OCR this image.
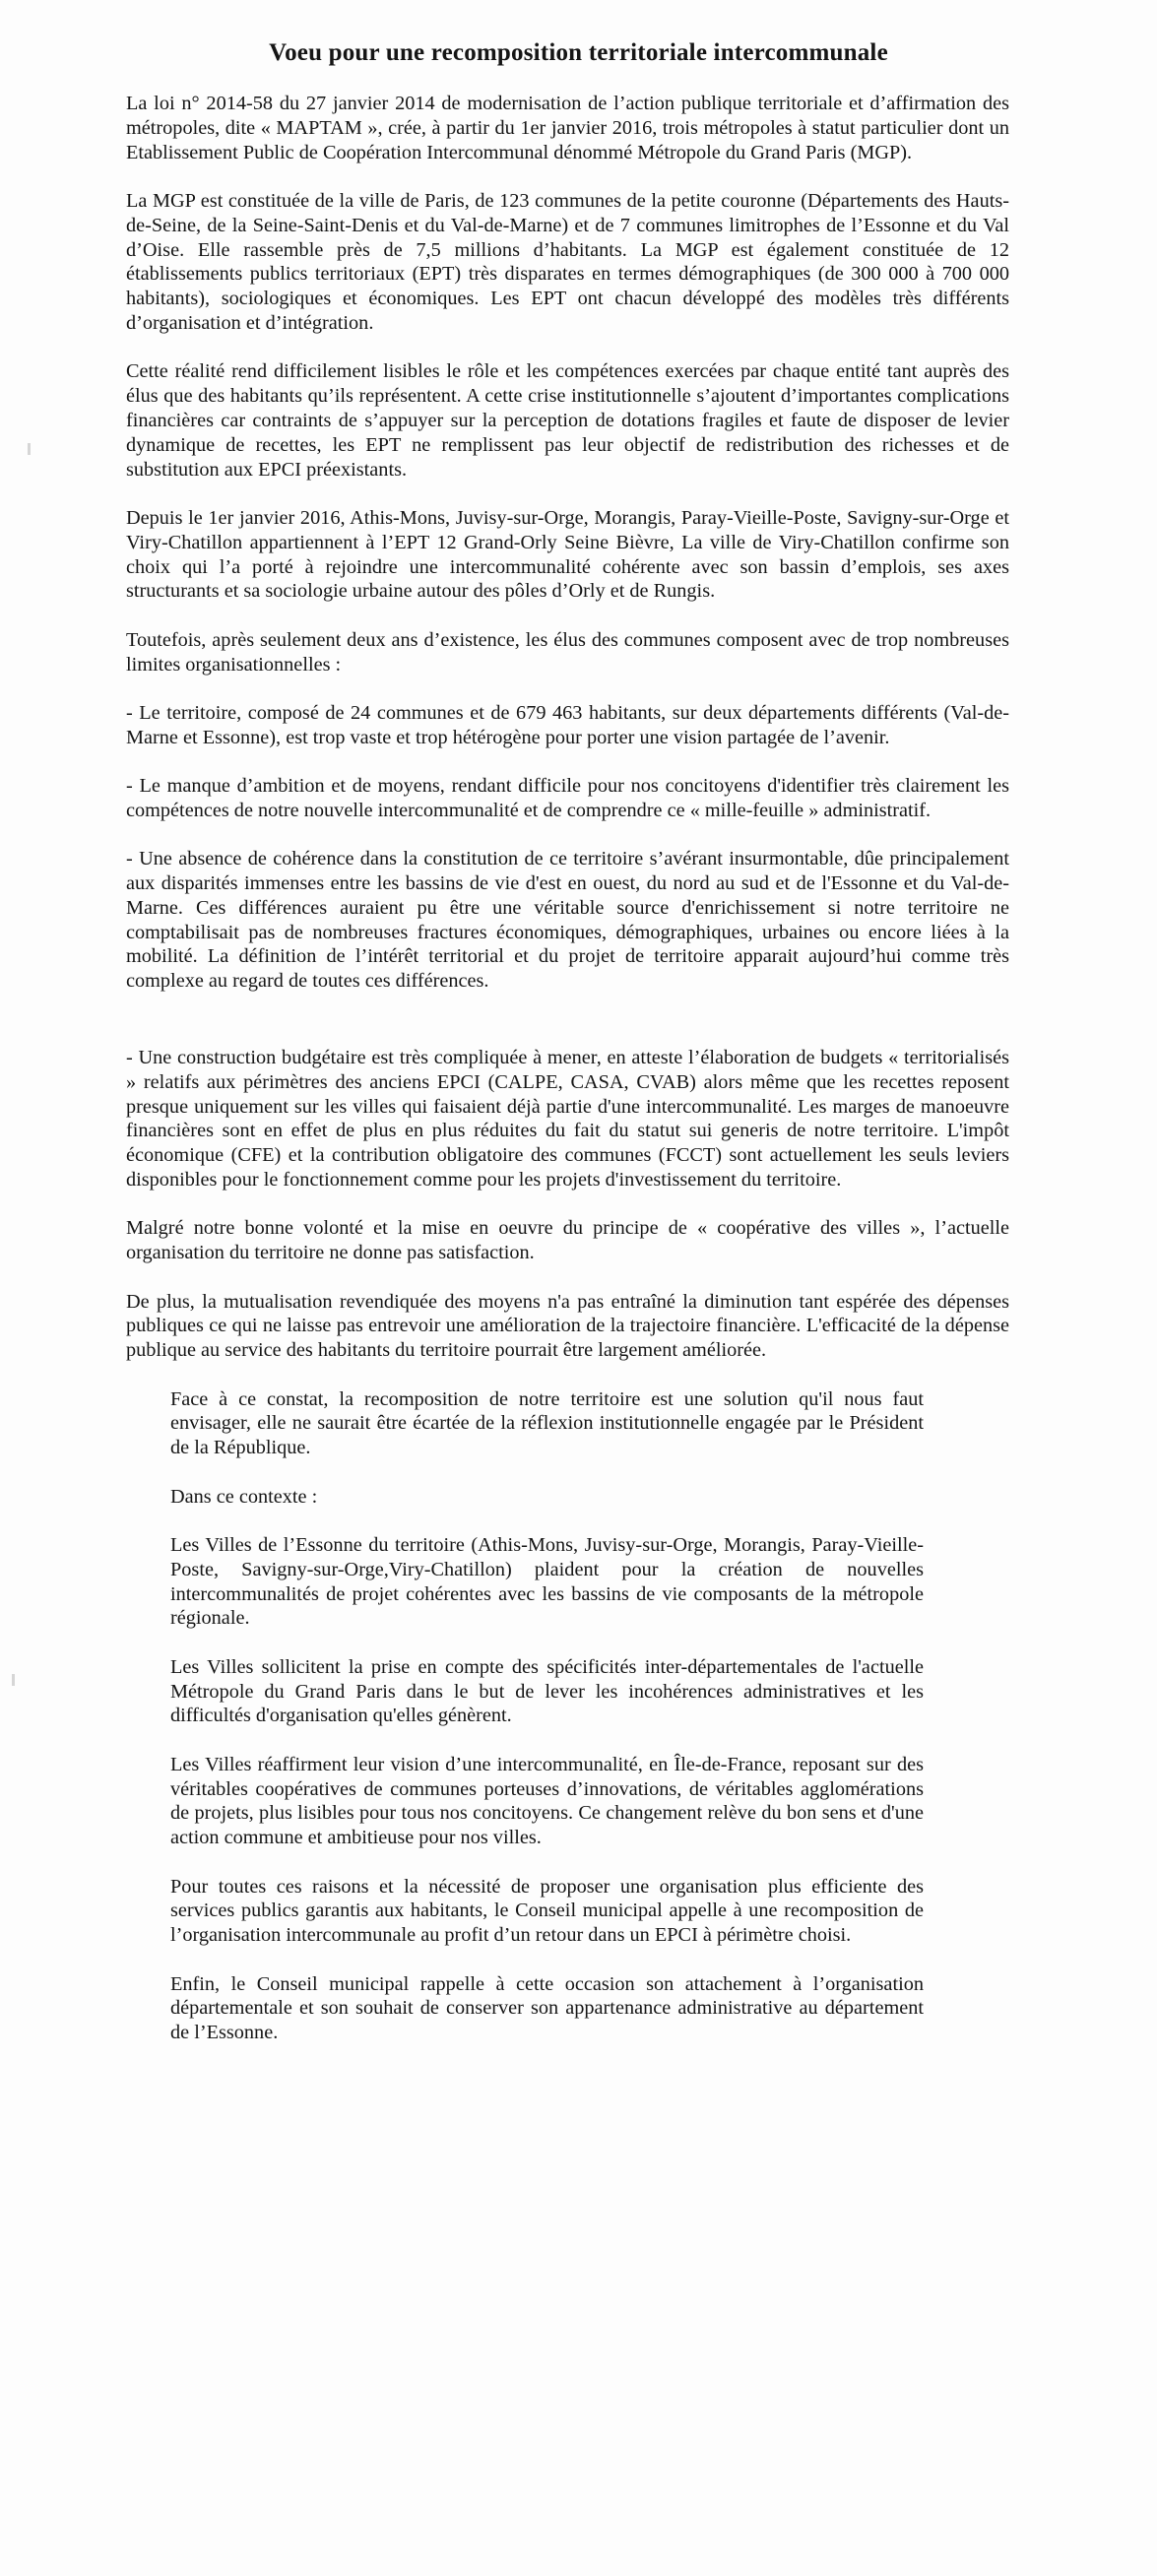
Voeu pour une recomposition territoriale intercommunale

La loi n° 2014-58 du 27 janvier 2014 de modernisation de l’action publique territoriale et d’affirmation des métropoles, dite « MAPTAM », crée, à partir du 1er janvier 2016, trois métropoles à statut particulier dont un Etablissement Public de Coopération Intercommunal dénommé Métropole du Grand Paris (MGP).

La MGP est constituée de la ville de Paris, de 123 communes de la petite couronne (Départements des Hauts-de-Seine, de la Seine-Saint-Denis et du Val-de-Marne) et de 7 communes limitrophes de l’Essonne et du Val d’Oise. Elle rassemble près de 7,5 millions d’habitants. La MGP est également constituée de 12 établissements publics territoriaux (EPT) très disparates en termes démographiques (de 300 000 à 700 000 habitants), sociologiques et économiques. Les EPT ont chacun développé des modèles très différents d’organisation et d’intégration.

Cette réalité rend difficilement lisibles le rôle et les compétences exercées par chaque entité tant auprès des élus que des habitants qu’ils représentent. A cette crise institutionnelle s’ajoutent d’importantes complications financières car contraints de s’appuyer sur la perception de dotations fragiles et faute de disposer de levier dynamique de recettes, les EPT ne remplissent pas leur objectif de redistribution des richesses et de substitution aux EPCI préexistants.

Depuis le 1er janvier 2016, Athis-Mons, Juvisy-sur-Orge, Morangis, Paray-Vieille-Poste, Savigny-sur-Orge et Viry-Chatillon appartiennent à l’EPT 12 Grand-Orly Seine Bièvre, La ville de Viry-Chatillon confirme son choix qui l’a porté à rejoindre une intercommunalité cohérente avec son bassin d’emplois, ses axes structurants et sa sociologie urbaine autour des pôles d’Orly et de Rungis.

Toutefois, après seulement deux ans d’existence, les élus des communes composent avec de trop nombreuses limites organisationnelles :

- Le territoire, composé de 24 communes et de 679 463 habitants, sur deux départements différents (Val-de-Marne et Essonne), est trop vaste et trop hétérogène pour porter une vision partagée de l’avenir.

- Le manque d’ambition et de moyens, rendant difficile pour nos concitoyens d'identifier très clairement les compétences de notre nouvelle intercommunalité et de comprendre ce « mille-feuille » administratif.

- Une absence de cohérence dans la constitution de ce territoire s’avérant insurmontable, dûe principalement aux disparités immenses entre les bassins de vie d'est en ouest, du nord au sud et de l'Essonne et du Val-de-Marne. Ces différences auraient pu être une véritable source d'enrichissement si notre territoire ne comptabilisait pas de nombreuses fractures économiques, démographiques, urbaines ou encore liées à la mobilité. La définition de l’intérêt territorial et du projet de territoire apparait aujourd’hui comme très complexe au regard de toutes ces différences.

- Une construction budgétaire est très compliquée à mener, en atteste l’élaboration de budgets « territorialisés » relatifs aux périmètres des anciens EPCI (CALPE, CASA, CVAB) alors même que les recettes reposent presque uniquement sur les villes qui faisaient déjà partie d'une intercommunalité. Les marges de manoeuvre financières sont en effet de plus en plus réduites du fait du statut sui generis de notre territoire. L'impôt économique (CFE) et la contribution obligatoire des communes (FCCT) sont actuellement les seuls leviers disponibles pour le fonctionnement comme pour les projets d'investissement du territoire.

Malgré notre bonne volonté et la mise en oeuvre du principe de « coopérative des villes », l’actuelle organisation du territoire ne donne pas satisfaction.

De plus, la mutualisation revendiquée des moyens n'a pas entraîné la diminution tant espérée des dépenses publiques ce qui ne laisse pas entrevoir une amélioration de la trajectoire financière. L'efficacité de la dépense publique au service des habitants du territoire pourrait être largement améliorée.

Face à ce constat, la recomposition de notre territoire est une solution qu'il nous faut envisager, elle ne saurait être écartée de la réflexion institutionnelle engagée par le Président de la République.

Dans ce contexte :

Les Villes de l’Essonne du territoire (Athis-Mons, Juvisy-sur-Orge, Morangis, Paray-Vieille-Poste, Savigny-sur-Orge,Viry-Chatillon) plaident pour la création de nouvelles intercommunalités de projet cohérentes avec les bassins de vie composants de la métropole régionale.

Les Villes sollicitent la prise en compte des spécificités inter-départementales de l'actuelle Métropole du Grand Paris dans le but de lever les incohérences administratives et les difficultés d'organisation qu'elles génèrent.

Les Villes réaffirment leur vision d’une intercommunalité, en Île-de-France, reposant sur des véritables coopératives de communes porteuses d’innovations, de véritables agglomérations de projets, plus lisibles pour tous nos concitoyens. Ce changement relève du bon sens et d'une action commune et ambitieuse pour nos villes.

Pour toutes ces raisons et la nécessité de proposer une organisation plus efficiente des services publics garantis aux habitants, le Conseil municipal appelle à une recomposition de l’organisation intercommunale au profit d’un retour dans un EPCI à périmètre choisi.

Enfin, le Conseil municipal rappelle à cette occasion son attachement à l’organisation départementale et son souhait de conserver son appartenance administrative au département de l’Essonne.
